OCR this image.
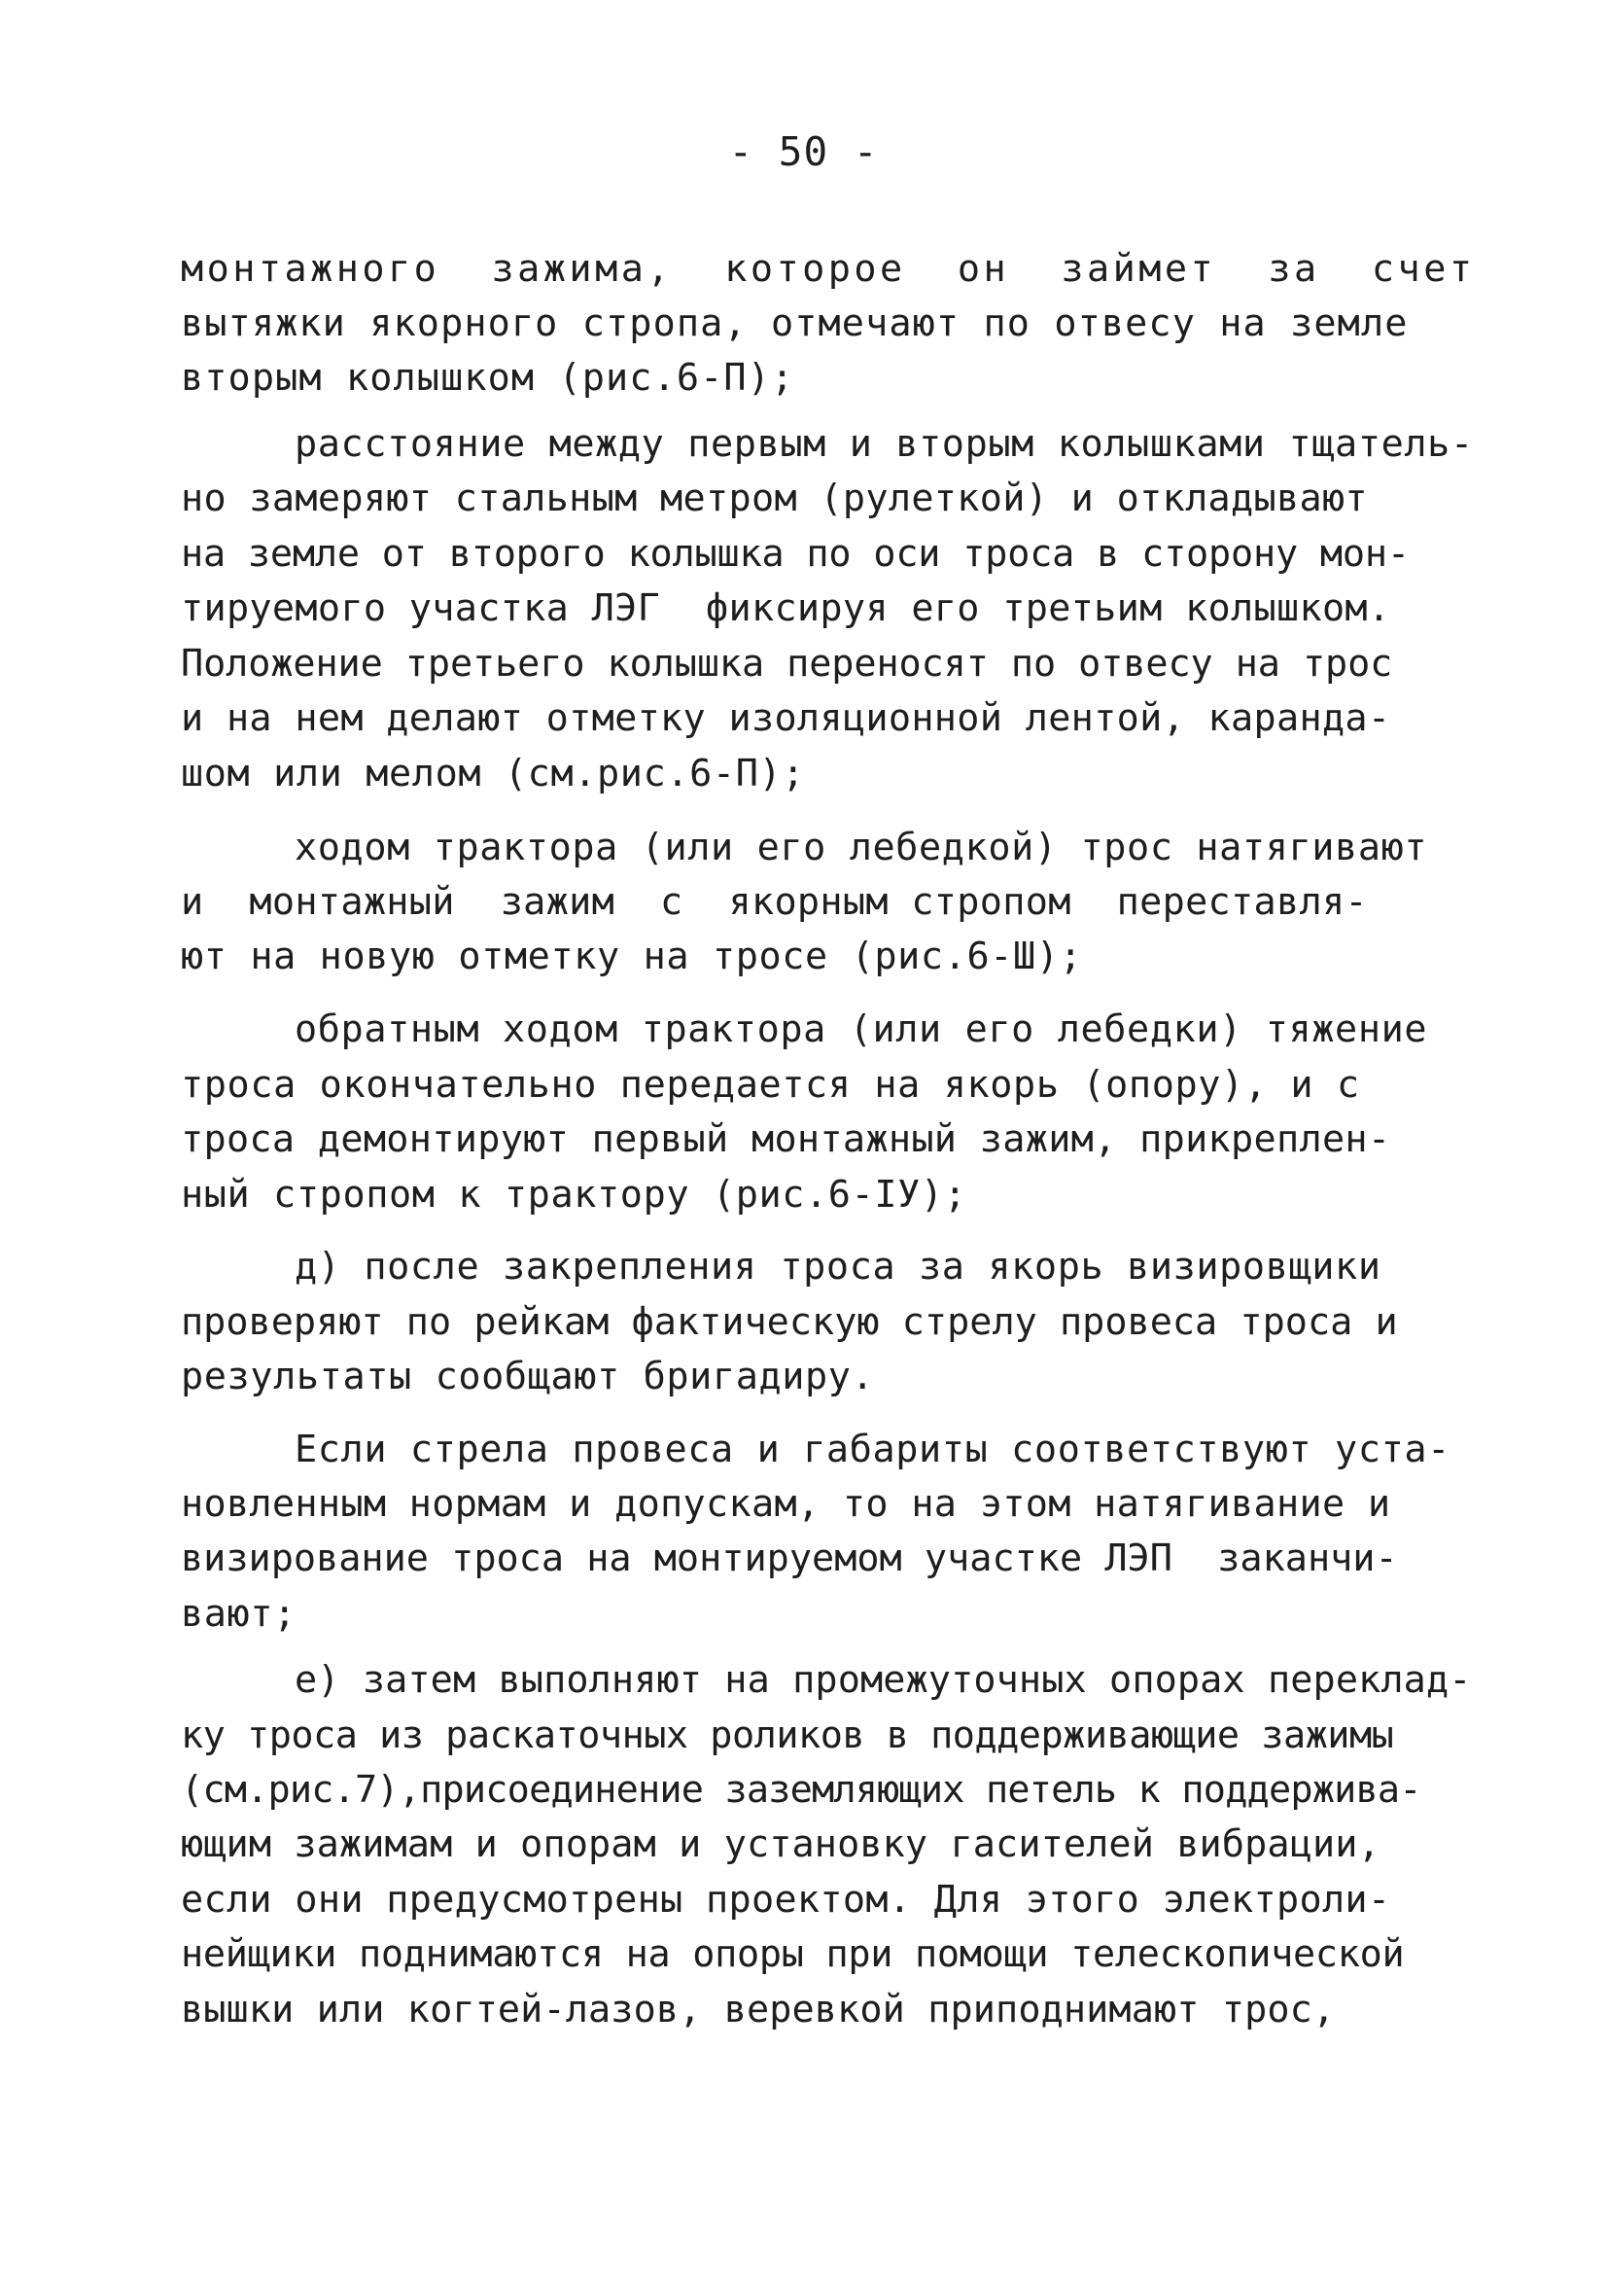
- 50 -
монтажного  зажима,  которое  он  займет  за  счет
вытяжки якорного стропа, отмечают по отвесу на земле
вторым колышком (рис.6-П);
расстояние между первым и вторым колышками тщатель-
но замеряют стальным метром (рулеткой) и откладывают
на земле от второго колышка по оси троса в сторону мон-
тируемого участка ЛЭГ  фиксируя его третьим колышком.
Положение третьего колышка переносят по отвесу на трос
и на нем делают отметку изоляционной лентой, каранда-
шом или мелом (см.рис.6-П);
ходом трактора (или его лебедкой) трос натягивают
и  монтажный  зажим  с  якорным стропом  переставля-
ют на новую отметку на тросе (рис.6-Ш);
обратным ходом трактора (или его лебедки) тяжение
троса окончательно передается на якорь (опору), и с
троса демонтируют первый монтажный зажим, прикреплен-
ный стропом к трактору (рис.6-IУ);
д) после закрепления троса за якорь визировщики
проверяют по рейкам фактическую стрелу провеса троса и
результаты сообщают бригадиру.
Если стрела провеса и габариты соответствуют уста-
новленным нормам и допускам, то на этом натягивание и
визирование троса на монтируемом участке ЛЭП  заканчи-
вают;
е) затем выполняют на промежуточных опорах переклад-
ку троса из раскаточных роликов в поддерживающие зажимы
(см.рис.7),присоединение заземляющих петель к поддержива-
ющим зажимам и опорам и установку гасителей вибрации,
если они предусмотрены проектом. Для этого электроли-
нейщики поднимаются на опоры при помощи телескопической
вышки или когтей-лазов, веревкой приподнимают трос,
